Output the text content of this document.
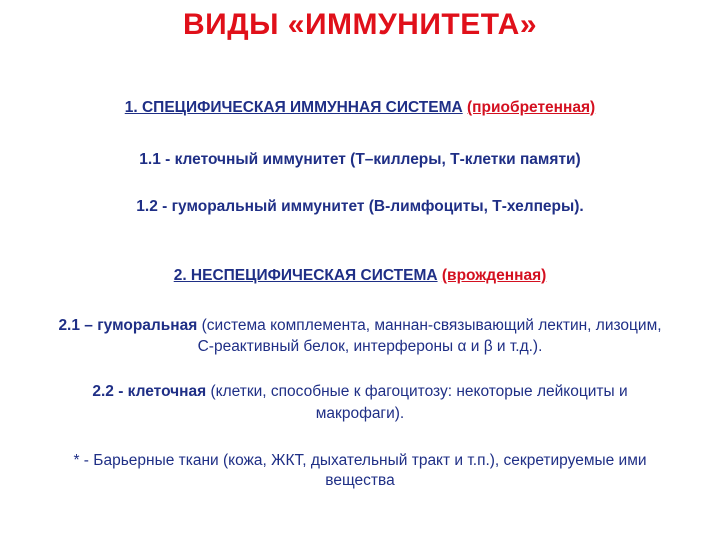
ВИДЫ «ИММУНИТЕТА»
1. СПЕЦИФИЧЕСКАЯ ИММУННАЯ СИСТЕМА (приобретенная)
1.1 - клеточный иммунитет (Т–киллеры, Т-клетки памяти)
1.2 - гуморальный иммунитет (В-лимфоциты, Т-хелперы).
2. НЕСПЕЦИФИЧЕСКАЯ СИСТЕМА (врожденная)
2.1 – гуморальная (система комплемента, маннан-связывающий лектин, лизоцим,
С-реактивный белок, интерфероны α и β и т.д.).
2.2 - клеточная (клетки, способные к фагоцитозу: некоторые лейкоциты и
макрофаги).
* - Барьерные ткани (кожа, ЖКТ, дыхательный тракт и т.п.), секретируемые ими
вещества
